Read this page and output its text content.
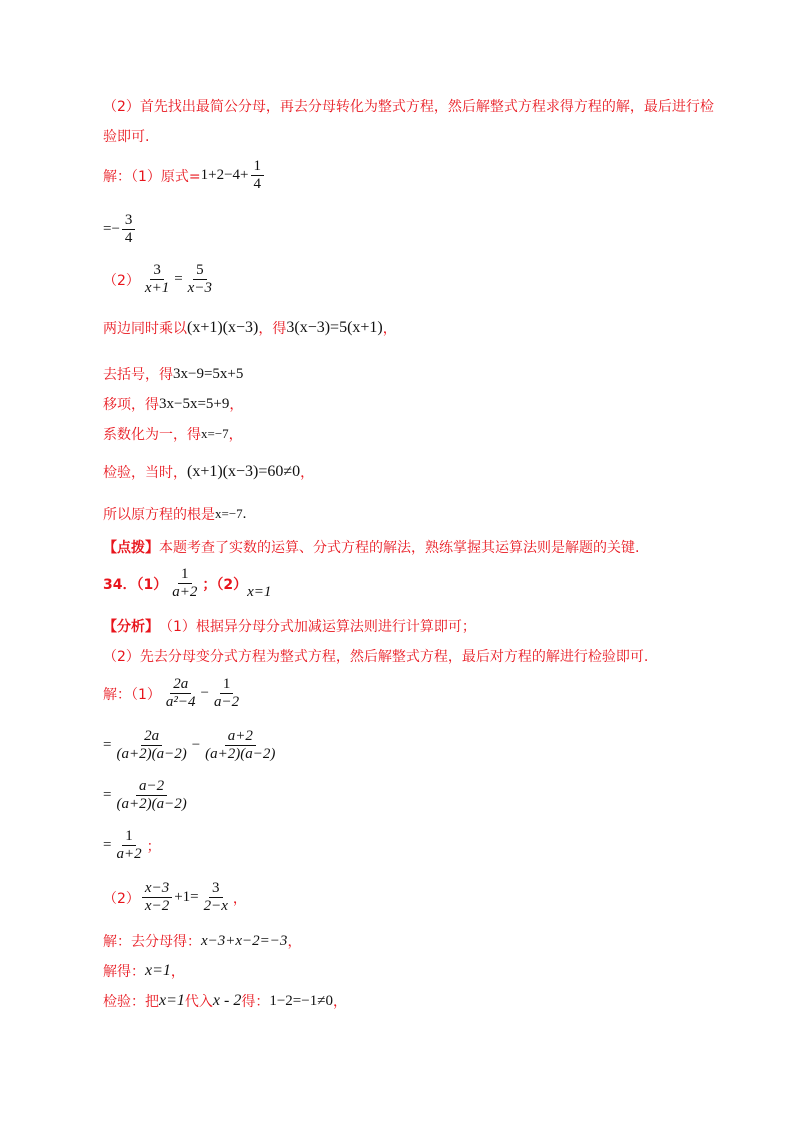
（2）首先找出最简公分母，再去分母转化为整式方程，然后解整式方程求得方程的解，最后进行检
验即可.
解：（1）原式= $1+2-4+ \frac{1}{4}$
=− $\frac{3}{4}$
$(2) \frac{3}{x+1} = \frac{5}{x-3}$
两边同时乘以 (x+1)(x−3) ，得 3(x−3)=5(x+1) ，
去括号，得 3x−9=5x+5
移项，得 3x−5x=5+9 ，
系数化为一，得 x=−7 ，
检验，当时， (x+1)(x−3)=60≠0 ，
所以原方程的根是 x=−7 .
【点拨】 本题考查了实数的运算、分式方程的解法，熟练掌握其运算法则是解题的关键.
34．$(1) \frac{1}{a+2}$ ；（2） x=1
【分析】 （1）根据异分母分式加减运算法则进行计算即可；
（2）先去分母变分式方程为整式方程，然后解整式方程，最后对方程的解进行检验即可.
解：$(1) \frac{2a}{\text{a²−4}} - \frac{1}{a-2}$
= $\frac{2a}{(a+2)(a-2)} - \frac{a+2}{(a+2)(a-2)}$
= $\frac{a-2}{(a+2)(a-2)}$
= $\frac{1}{a+2}$ ；
$(2) \frac{x-3}{x-2} +1= \frac{3}{2-x}$ ，
解：去分母得： x−3+x−2=−3 ，
解得： x=1 ，
检验：把 x=1 代入 x - 2 得： 1−2=−1≠0 ，
